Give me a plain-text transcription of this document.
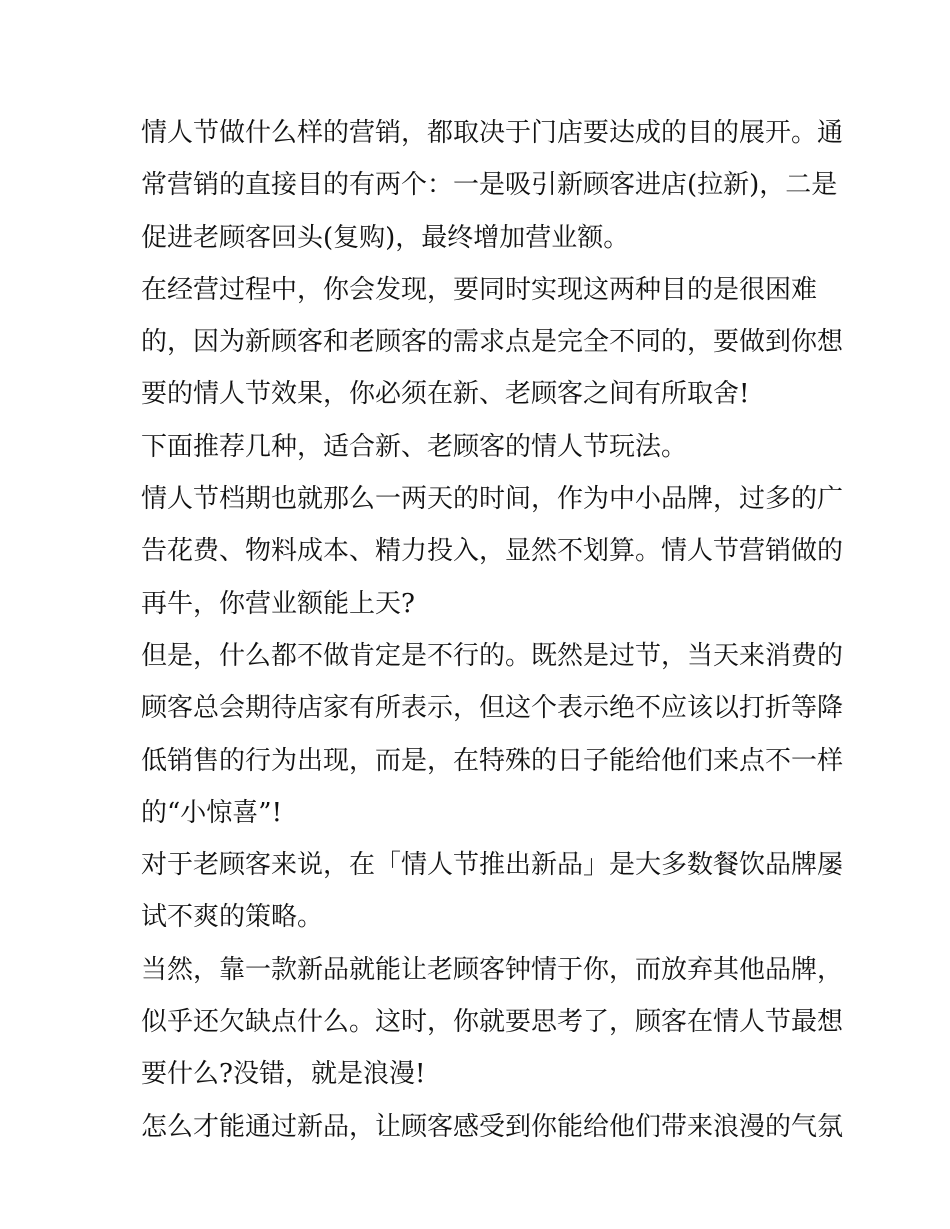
情人节做什么样的营销，都取决于门店要达成的目的展开。通
常营销的直接目的有两个：一是吸引新顾客进店(拉新)，二是
促进老顾客回头(复购)，最终增加营业额。
在经营过程中，你会发现，要同时实现这两种目的是很困难
的，因为新顾客和老顾客的需求点是完全不同的，要做到你想
要的情人节效果，你必须在新、老顾客之间有所取舍!
下面推荐几种，适合新、老顾客的情人节玩法。
情人节档期也就那么一两天的时间，作为中小品牌，过多的广
告花费、物料成本、精力投入，显然不划算。情人节营销做的
再牛，你营业额能上天?
但是，什么都不做肯定是不行的。既然是过节，当天来消费的
顾客总会期待店家有所表示，但这个表示绝不应该以打折等降
低销售的行为出现，而是，在特殊的日子能给他们来点不一样
的“小惊喜”!
对于老顾客来说，在「情人节推出新品」是大多数餐饮品牌屡
试不爽的策略。
当然，靠一款新品就能让老顾客钟情于你，而放弃其他品牌，
似乎还欠缺点什么。这时，你就要思考了，顾客在情人节最想
要什么?没错，就是浪漫!
怎么才能通过新品，让顾客感受到你能给他们带来浪漫的气氛
